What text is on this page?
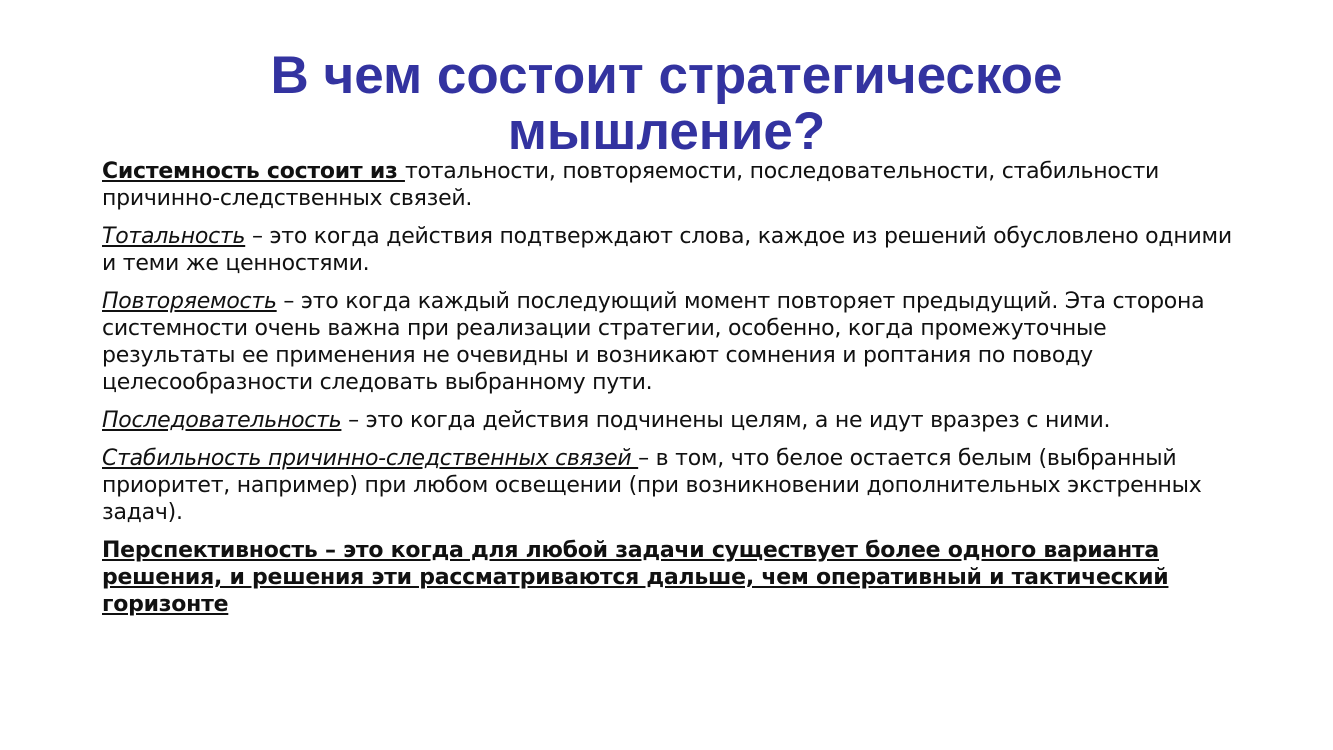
В чем состоит стратегическое мышление?

Системность состоит из тотальности, повторяемости, последовательности, стабильности причинно-следственных связей.

Тотальность – это когда действия подтверждают слова, каждое из решений обусловлено одними и теми же ценностями.

Повторяемость – это когда каждый последующий момент повторяет предыдущий. Эта сторона системности очень важна при реализации стратегии, особенно, когда промежуточные результаты ее применения не очевидны и возникают сомнения и роптания по поводу целесообразности следовать выбранному пути.

Последовательность – это когда действия подчинены целям, а не идут вразрез с ними.

Стабильность причинно-следственных связей – в том, что белое остается белым (выбранный приоритет, например) при любом освещении (при возникновении дополнительных экстренных задач).

Перспективность – это когда для любой задачи существует более одного варианта решения, и решения эти рассматриваются дальше, чем оперативный и тактический горизонте
